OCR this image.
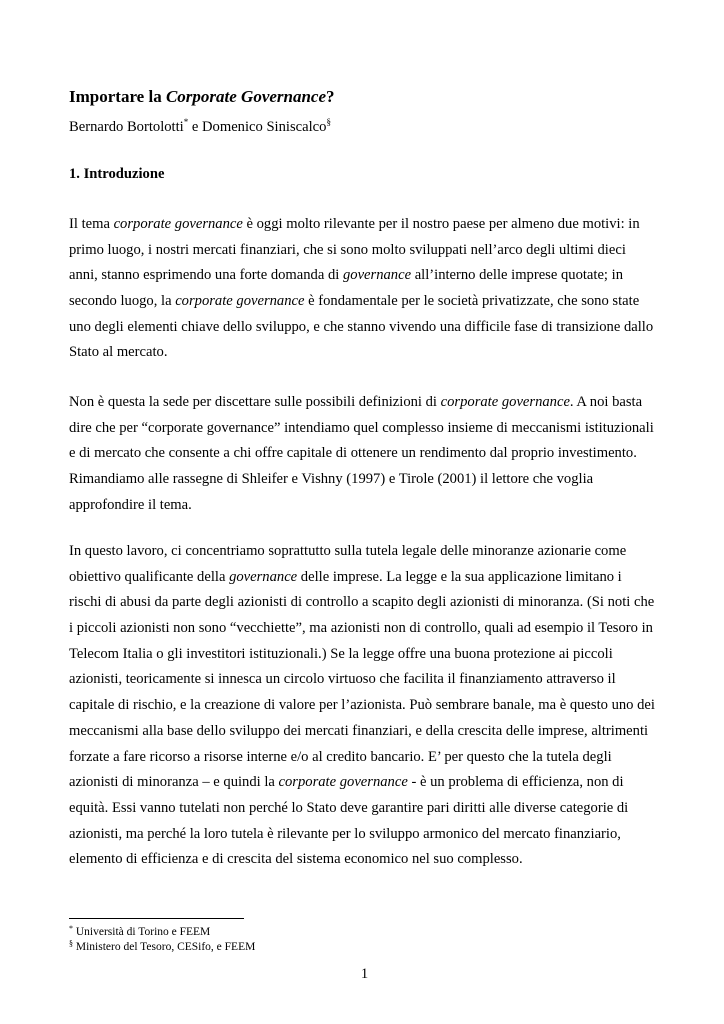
Importare la Corporate Governance?
Bernardo Bortolotti* e Domenico Siniscalco§
1. Introduzione
Il tema corporate governance è oggi molto rilevante per il nostro paese per almeno due motivi: in
primo luogo, i nostri mercati finanziari, che si sono molto sviluppati nell’arco degli ultimi dieci
anni, stanno esprimendo una forte domanda di governance all’interno delle imprese quotate; in
secondo luogo, la corporate governance è fondamentale per le società privatizzate, che sono state
uno degli elementi chiave dello sviluppo, e che stanno vivendo una difficile fase di transizione dallo
Stato al mercato.
Non è questa la sede per discettare sulle possibili definizioni di corporate governance. A noi basta
dire che per “corporate governance” intendiamo quel complesso insieme di meccanismi istituzionali
e di mercato che consente a chi offre capitale di ottenere un rendimento dal proprio investimento.
Rimandiamo alle rassegne di Shleifer e Vishny (1997) e Tirole (2001) il lettore che voglia
approfondire il tema.
In questo lavoro, ci concentriamo soprattutto sulla tutela legale delle minoranze azionarie come
obiettivo qualificante della governance delle imprese. La legge e la sua applicazione limitano i
rischi di abusi da parte degli azionisti di controllo a scapito degli azionisti di minoranza. (Si noti che
i piccoli azionisti non sono “vecchiette”, ma azionisti non di controllo, quali ad esempio il Tesoro in
Telecom Italia o gli investitori istituzionali.) Se la legge offre una buona protezione ai piccoli
azionisti, teoricamente si innesca un circolo virtuoso che facilita il finanziamento attraverso il
capitale di rischio, e la creazione di valore per l’azionista. Può sembrare banale, ma è questo uno dei
meccanismi alla base dello sviluppo dei mercati finanziari, e della crescita delle imprese, altrimenti
forzate a fare ricorso a risorse interne e/o al credito bancario. E’ per questo che la tutela degli
azionisti di minoranza – e quindi la corporate governance - è un problema di efficienza, non di
equità. Essi vanno tutelati non perché lo Stato deve garantire pari diritti alle diverse categorie di
azionisti, ma perché la loro tutela è rilevante per lo sviluppo armonico del mercato finanziario,
elemento di efficienza e di crescita del sistema economico nel suo complesso.
* Università di Torino e FEEM
§ Ministero del Tesoro, CESifo, e FEEM
1
